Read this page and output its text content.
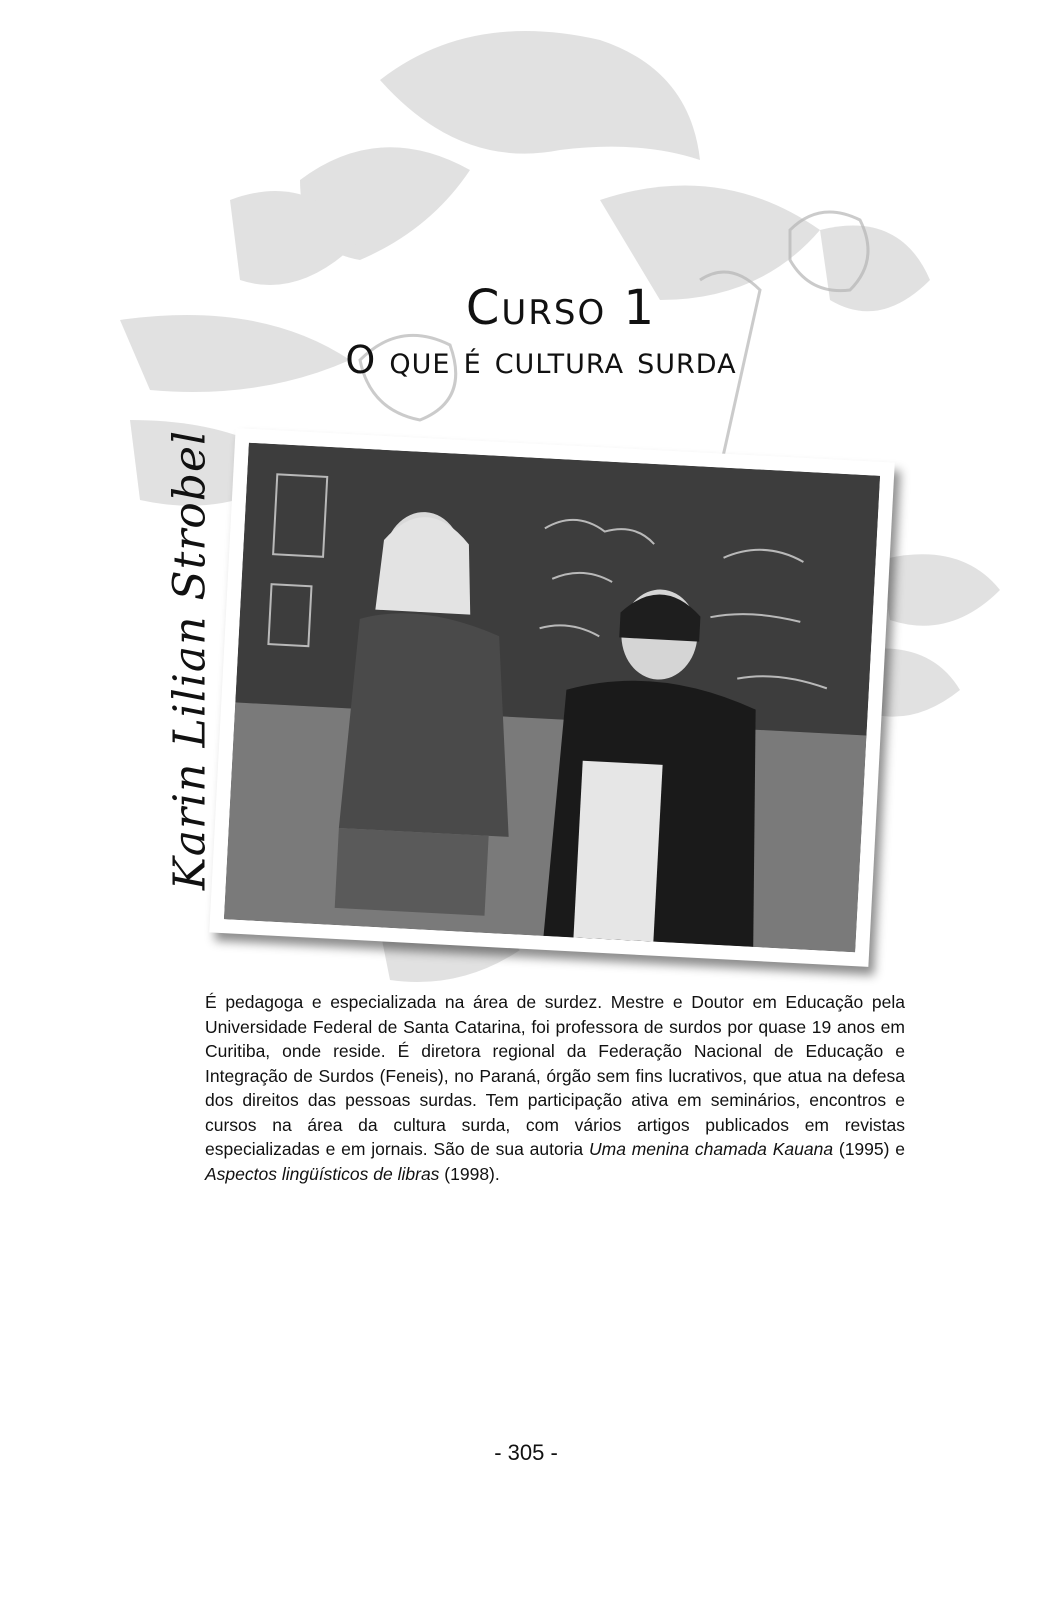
Curso 1
O que é cultura surda
Karin Lilian Strobel
É pedagoga e especializada na área de surdez. Mestre e Doutor em Educação pela Universidade Federal de Santa Catarina, foi professora de surdos por quase 19 anos em Curitiba, onde reside. É diretora regional da Federação Nacional de Educação e Integração de Surdos (Feneis), no Paraná, órgão sem fins lucrativos, que atua na defesa dos direitos das pessoas surdas. Tem participação ativa em seminários, encontros e cursos na área da cultura surda, com vários artigos publicados em revistas especializadas e em jornais. São de sua autoria Uma menina chamada Kauana (1995) e Aspectos lingüísticos de libras (1998).
- 305 -
